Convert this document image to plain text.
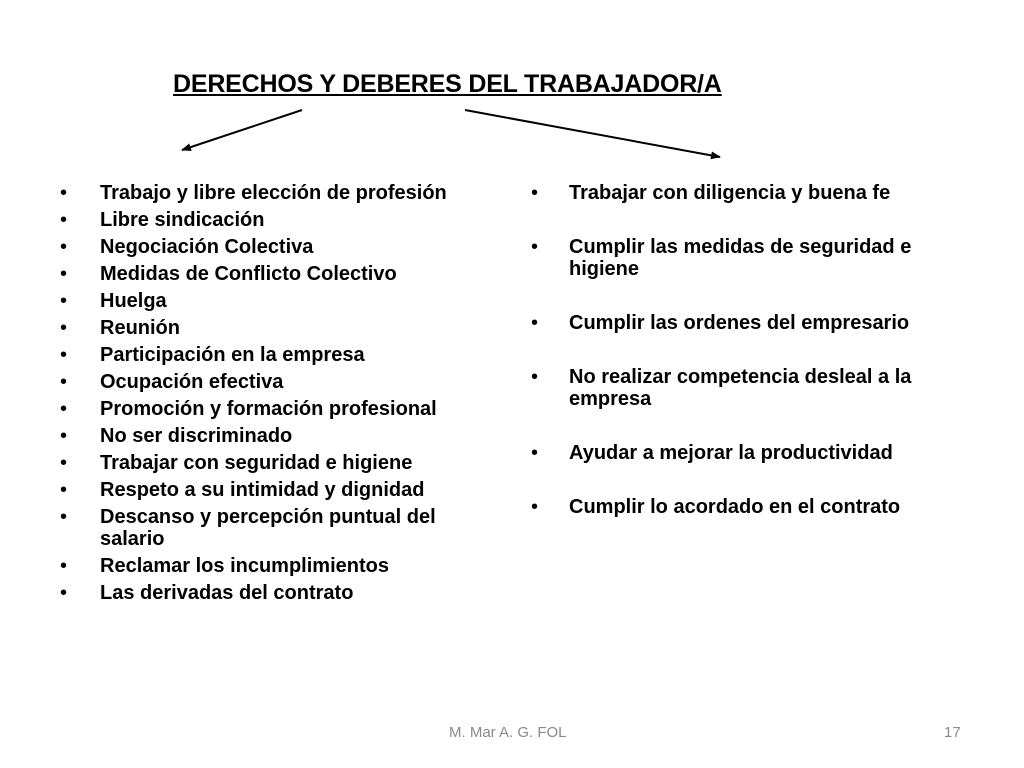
DERECHOS Y DEBERES DEL TRABAJADOR/A
• Trabajo y libre elección de profesión
• Libre sindicación
• Negociación Colectiva
• Medidas de Conflicto Colectivo
• Huelga
• Reunión
• Participación en la empresa
• Ocupación efectiva
• Promoción y formación profesional
• No ser discriminado
• Trabajar con seguridad e higiene
• Respeto a su intimidad y dignidad
• Descanso y percepción puntual del salario
• Reclamar los incumplimientos
• Las derivadas del contrato
• Trabajar con diligencia y buena fe
• Cumplir las medidas de seguridad e higiene
• Cumplir las ordenes del empresario
• No realizar competencia desleal a la empresa
• Ayudar a mejorar la productividad
• Cumplir lo acordado en el contrato
M. Mar A. G. FOL	17
